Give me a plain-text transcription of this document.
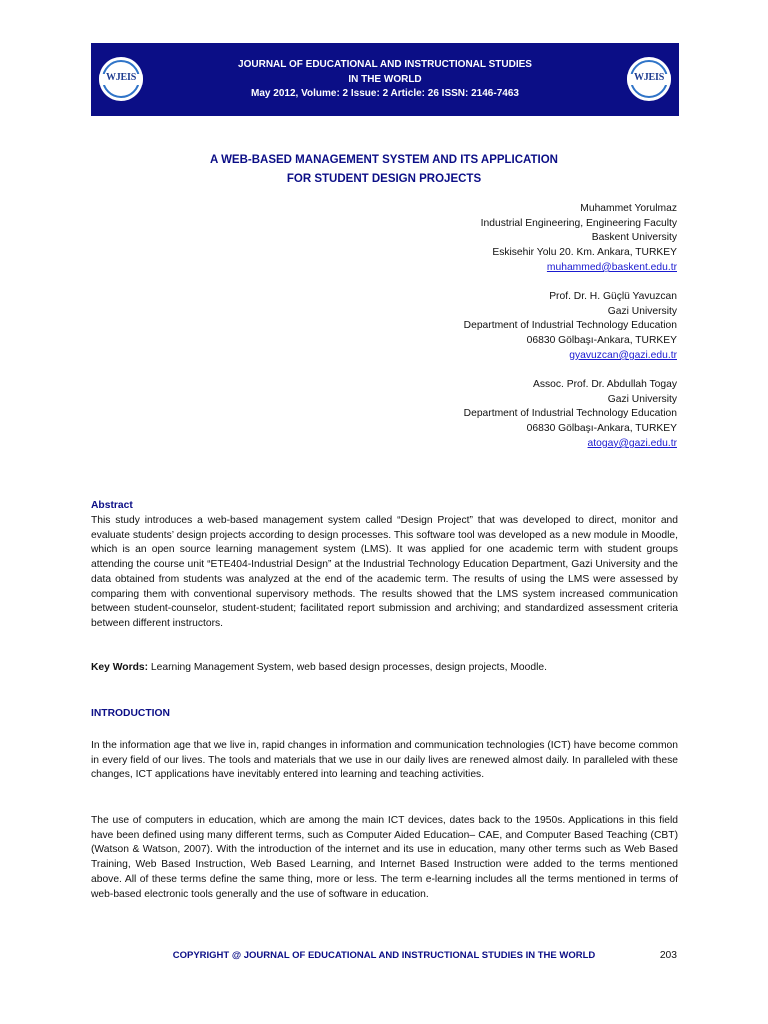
WJEIS
JOURNAL OF EDUCATIONAL AND INSTRUCTIONAL STUDIES
IN THE WORLD
May 2012, Volume: 2 Issue: 2 Article: 26 ISSN: 2146-7463
WJEIS
A WEB-BASED MANAGEMENT SYSTEM AND ITS APPLICATION
FOR STUDENT DESIGN PROJECTS
Muhammet Yorulmaz
Industrial Engineering, Engineering Faculty
Baskent University
Eskisehir Yolu 20. Km. Ankara, TURKEY
muhammed@baskent.edu.tr
Prof. Dr. H. Güçlü Yavuzcan
Gazi University
Department of Industrial Technology Education
06830 Gölbaşı-Ankara, TURKEY
gyavuzcan@gazi.edu.tr
Assoc. Prof. Dr. Abdullah Togay
Gazi University
Department of Industrial Technology Education
06830 Gölbaşı-Ankara, TURKEY
atogay@gazi.edu.tr
Abstract
This study introduces a web-based management system called “Design Project” that was developed to direct, monitor and evaluate students’ design projects according to design processes. This software tool was developed as a new module in Moodle, which is an open source learning management system (LMS). It was applied for one academic term with student groups attending the course unit “ETE404-Industrial Design” at the Industrial Technology Education Department, Gazi University and the data obtained from students was analyzed at the end of the academic term. The results of using the LMS were assessed by comparing them with conventional supervisory methods. The results showed that the LMS system increased communication between student-counselor, student-student; facilitated report submission and archiving; and standardized assessment criteria between different instructors.
Key Words: Learning Management System, web based design processes, design projects, Moodle.
INTRODUCTION
In the information age that we live in, rapid changes in information and communication technologies (ICT) have become common in every field of our lives. The tools and materials that we use in our daily lives are renewed almost daily. In paralleled with these changes, ICT applications have inevitably entered into learning and teaching activities.
The use of computers in education, which are among the main ICT devices, dates back to the 1950s. Applications in this field have been defined using many different terms, such as Computer Aided Education– CAE, and Computer Based Teaching (CBT) (Watson & Watson, 2007). With the introduction of the internet and its use in education, many other terms such as Web Based Training, Web Based Instruction, Web Based Learning, and Internet Based Instruction were added to the terms mentioned above. All of these terms define the same thing, more or less. The term e-learning includes all the terms mentioned in terms of web-based electronic tools generally and the use of software in education.
COPYRIGHT @ JOURNAL OF EDUCATIONAL AND INSTRUCTIONAL STUDIES IN THE WORLD	203
